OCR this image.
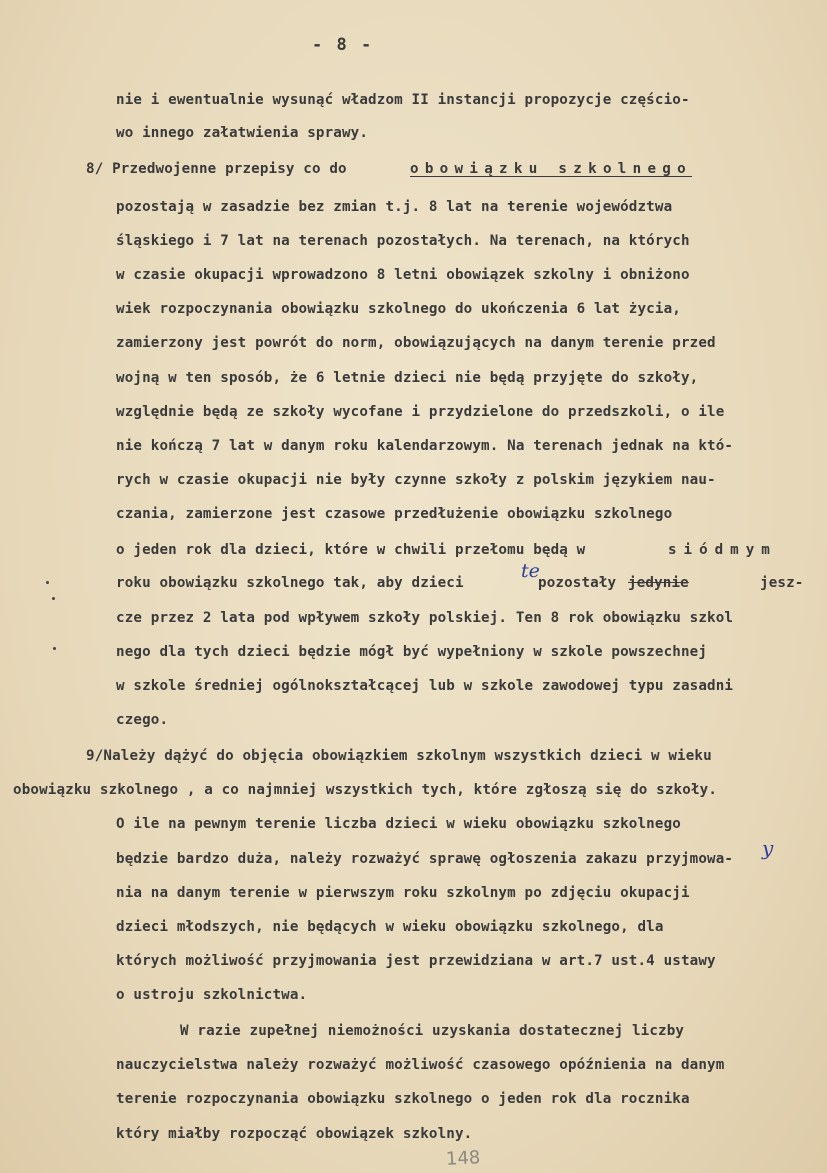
- 8 -
nie i ewentualnie wysunąć władzom II instancji propozycje częścio-
wo innego załatwienia sprawy.
8/ Przedwojenne przepisy co do	obowiązku szkolnego
pozostają w zasadzie bez zmian t.j. 8 lat na terenie województwa
śląskiego i 7 lat na terenach pozostałych. Na terenach, na których
w czasie okupacji wprowadzono 8 letni obowiązek szkolny i obniżono
wiek rozpoczynania obowiązku szkolnego do ukończenia 6 lat życia,
zamierzony jest powrót do norm, obowiązujących na danym terenie przed
wojną w ten sposób, że 6 letnie dzieci nie będą przyjęte do szkoły,
względnie będą ze szkoły wycofane i przydzielone do przedszkoli, o ile
nie kończą 7 lat w danym roku kalendarzowym. Na terenach jednak na któ-
rych w czasie okupacji nie były czynne szkoły z polskim językiem nau-
czania, zamierzone jest czasowe przedłużenie obowiązku szkolnego
o jeden rok dla dzieci, które w chwili przełomu będą w	siódmym
roku obowiązku szkolnego tak, aby dzieci
te
pozostały jedynie	jesz-
cze przez 2 lata pod wpływem szkoły polskiej. Ten 8 rok obowiązku szkol
nego dla tych dzieci będzie mógł być wypełniony w szkole powszechnej
w szkole średniej ogólnokształcącej lub w szkole zawodowej typu zasadni
czego.
9/Należy dążyć do objęcia obowiązkiem szkolnym wszystkich dzieci w wieku
obowiązku szkolnego , a co najmniej wszystkich tych, które zgłoszą się do szkoły.
O ile na pewnym terenie liczba dzieci w wieku obowiązku szkolnego
będzie bardzo duża, należy rozważyć sprawę ogłoszenia zakazu przyjmowa- y
nia na danym terenie w pierwszym roku szkolnym po zdjęciu okupacji
dzieci młodszych, nie będących w wieku obowiązku szkolnego, dla
których możliwość przyjmowania jest przewidziana w art.7 ust.4 ustawy
o ustroju szkolnictwa.
W razie zupełnej niemożności uzyskania dostatecznej liczby
nauczycielstwa należy rozważyć możliwość czasowego opóźnienia na danym
terenie rozpoczynania obowiązku szkolnego o jeden rok dla rocznika
który miałby rozpocząć obowiązek szkolny.
148
